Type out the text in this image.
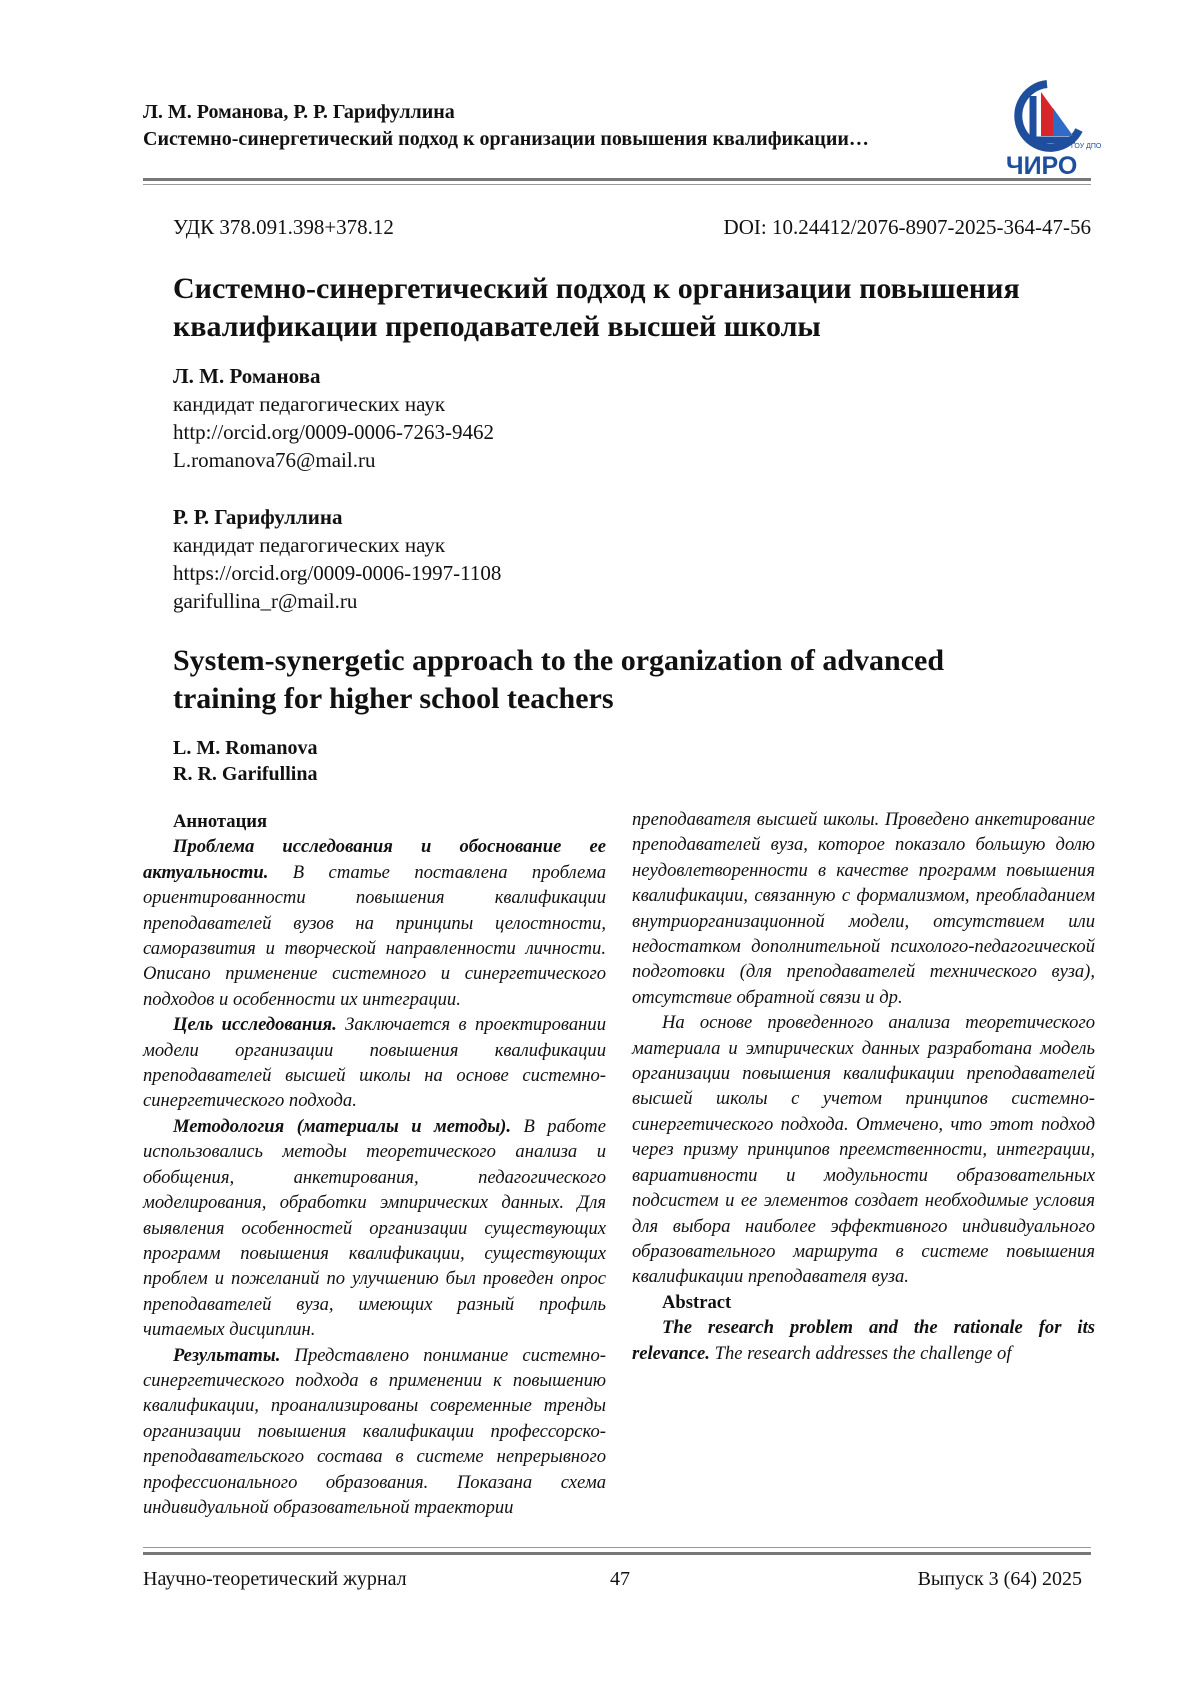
Л. М. Романова, Р. Р. Гарифуллина
Системно-синергетический подход к организации повышения квалификации…	ГОУ ДПО
ЧИРО
УДК 378.091.398+378.12	DOI: 10.24412/2076-8907-2025-364-47-56
Системно-синергетический подход к организации повышения
квалификации преподавателей высшей школы
Л. М. Романова
кандидат педагогических наук
http://orcid.org/0009-0006-7263-9462
L.romanova76@mail.ru
Р. Р. Гарифуллина
кандидат педагогических наук
https://orcid.org/0009-0006-1997-1108
garifullina_r@mail.ru
System-synergetic approach to the organization of advanced
training for higher school teachers
L. M. Romanova
R. R. Garifullina

Аннотация

Проблема исследования и обоснование ее актуальности. В статье поставлена проблема ориентированности повышения квалификации преподавателей вузов на принципы целостности, саморазвития и творческой направленности личности. Описано применение системного и синергетического подходов и особенности их интеграции.

Цель исследования. Заключается в проектировании модели организации повышения квалификации преподавателей высшей школы на основе системно-синергетического подхода.

Методология (материалы и методы). В работе использовались методы теоретического анализа и обобщения, анкетирования, педагогического моделирования, обработки эмпирических данных. Для выявления особенностей организации существующих программ повышения квалификации, существующих проблем и пожеланий по улучшению был проведен опрос преподавателей вуза, имеющих разный профиль читаемых дисциплин.

Результаты. Представлено понимание системно-синергетического подхода в применении к повышению квалификации, проанализированы современные тренды организации повышения квалификации профессорско-преподавательского состава в системе непрерывного профессионального образования. Показана схема индивидуальной образовательной траектории

преподавателя высшей школы. Проведено анкетирование преподавателей вуза, которое показало большую долю неудовлетворенности в качестве программ повышения квалификации, связанную с формализмом, преобладанием внутриорганизационной модели, отсутствием или недостатком дополнительной психолого-педагогической подготовки (для преподавателей технического вуза), отсутствие обратной связи и др.

На основе проведенного анализа теоретического материала и эмпирических данных разработана модель организации повышения квалификации преподавателей высшей школы с учетом принципов системно-синергетического подхода. Отмечено, что этот подход через призму принципов преемственности, интеграции, вариативности и модульности образовательных подсистем и ее элементов создает необходимые условия для выбора наиболее эффективного индивидуального образовательного маршрута в системе повышения квалификации преподавателя вуза.

Abstract

The research problem and the rationale for its relevance. The research addresses the challenge of

Научно-теоретический журнал	47	Выпуск 3 (64) 2025
